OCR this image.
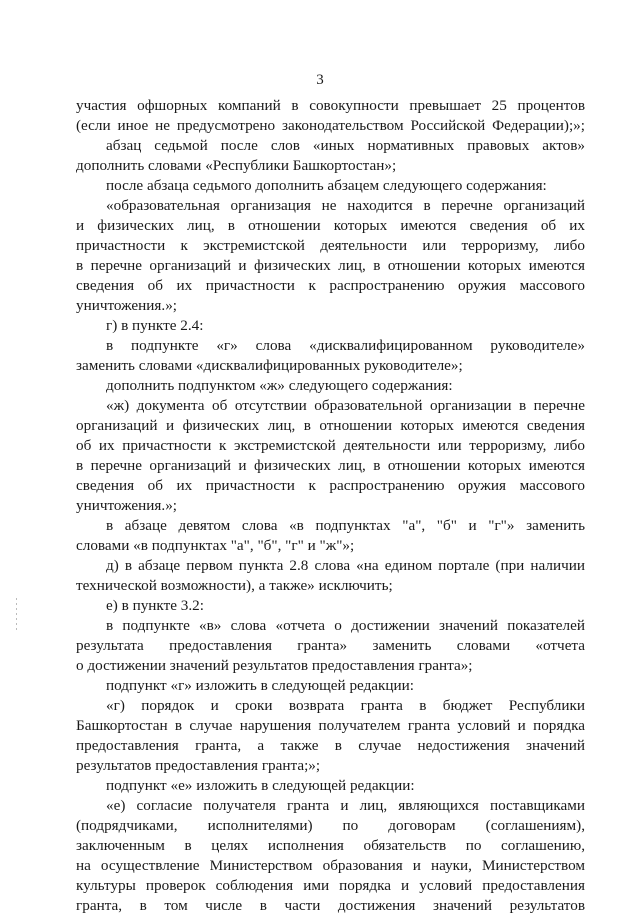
3
участия офшорных компаний в совокупности превышает 25 процентов
(если иное не предусмотрено законодательством Российской Федерации);»;
абзац седьмой после слов «иных нормативных правовых актов»
дополнить словами «Республики Башкортостан»;
после абзаца седьмого дополнить абзацем следующего содержания:
«образовательная организация не находится в перечне организаций
и физических лиц, в отношении которых имеются сведения об их
причастности к экстремистской деятельности или терроризму, либо
в перечне организаций и физических лиц, в отношении которых имеются
сведения об их причастности к распространению оружия массового
уничтожения.»;
г) в пункте 2.4:
в подпункте «г» слова «дисквалифицированном руководителе»
заменить словами «дисквалифицированных руководителе»;
дополнить подпунктом «ж» следующего содержания:
«ж) документа об отсутствии образовательной организации в перечне
организаций и физических лиц, в отношении которых имеются сведения
об их причастности к экстремистской деятельности или терроризму, либо
в перечне организаций и физических лиц, в отношении которых имеются
сведения об их причастности к распространению оружия массового
уничтожения.»;
в абзаце девятом слова «в подпунктах "а", "б" и "г"» заменить
словами «в подпунктах "а", "б", "г" и "ж"»;
д) в абзаце первом пункта 2.8 слова «на едином портале (при наличии
технической возможности), а также» исключить;
е) в пункте 3.2:
в подпункте «в» слова «отчета о достижении значений показателей
результата предоставления гранта» заменить словами «отчета
о достижении значений результатов предоставления гранта»;
подпункт «г» изложить в следующей редакции:
«г) порядок и сроки возврата гранта в бюджет Республики
Башкортостан в случае нарушения получателем гранта условий и порядка
предоставления гранта, а также в случае недостижения значений
результатов предоставления гранта;»;
подпункт «е» изложить в следующей редакции:
«е) согласие получателя гранта и лиц, являющихся поставщиками
(подрядчиками, исполнителями) по договорам (соглашениям),
заключенным в целях исполнения обязательств по соглашению,
на осуществление Министерством образования и науки, Министерством
культуры проверок соблюдения ими порядка и условий предоставления
гранта, в том числе в части достижения значений результатов
